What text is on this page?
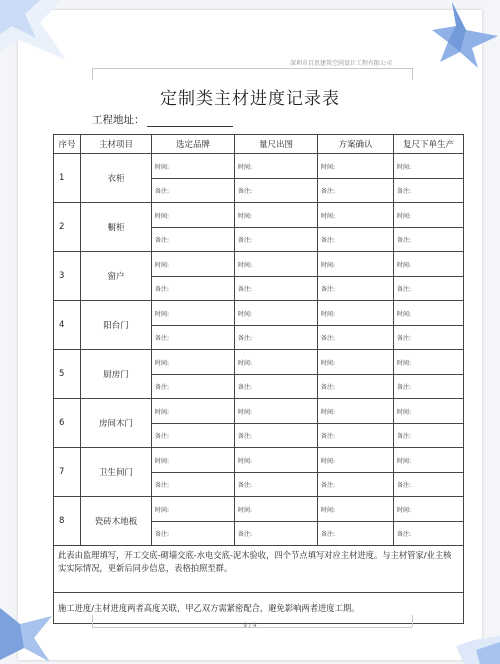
深圳市百思建筑空间设计工程有限公司
定制类主材进度记录表
工程地址：
序号	主材项目	选定品牌	量尺出图	方案确认	复尺下单生产
1	衣柜	时间:	时间:	时间:	时间:
		备注:	备注:	备注:	备注:
2	橱柜	时间:	时间:	时间:	时间:
		备注:	备注:	备注:	备注:
3	窗户	时间:	时间:	时间:	时间:
		备注:	备注:	备注:	备注:
4	阳台门	时间:	时间:	时间:	时间:
		备注:	备注:	备注:	备注:
5	厨房门	时间:	时间:	时间:	时间:
		备注:	备注:	备注:	备注:
6	房间木门	时间:	时间:	时间:	时间:
		备注:	备注:	备注:	备注:
7	卫生间门	时间:	时间:	时间:	时间:
		备注:	备注:	备注:	备注:
8	瓷砖木地板	时间:	时间:	时间:	时间:
		备注:	备注:	备注:	备注:
此表由监理填写，开工交底-砌墙交底-水电交底-泥木验收，四个节点填写对应主材进度。与主材管家/业主核实实际情况，更新后同步信息，表格拍照至群。					
施工进度/主材进度两者高度关联，甲乙双方需紧密配合，避免影响两者进度工期。					
9 / 4
